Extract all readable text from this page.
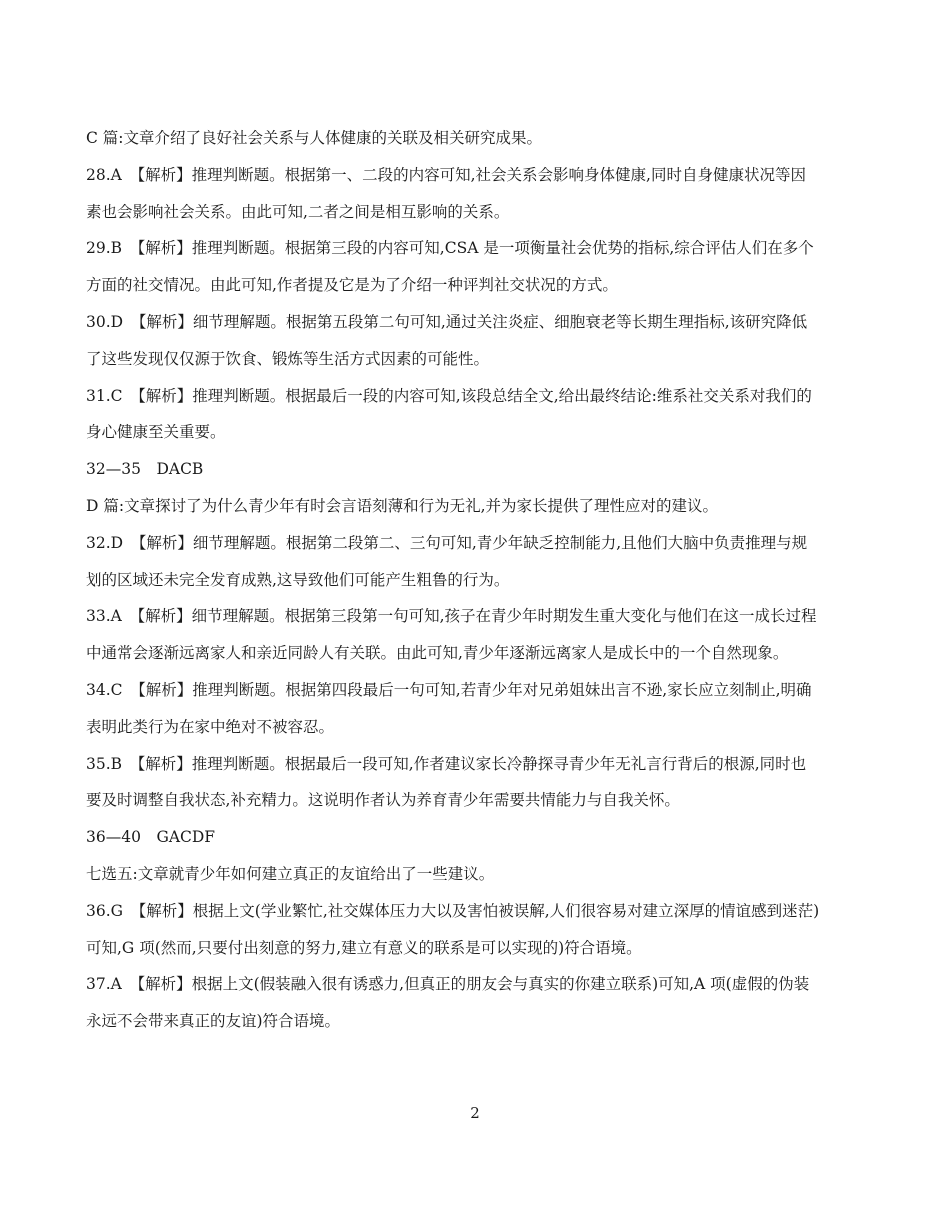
C 篇:文章介绍了良好社会关系与人体健康的关联及相关研究成果。
28.A　【解析】推理判断题。根据第一、二段的内容可知,社会关系会影响身体健康,同时自身健康状况等因
素也会影响社会关系。由此可知,二者之间是相互影响的关系。
29.B　【解析】推理判断题。根据第三段的内容可知,CSA 是一项衡量社会优势的指标,综合评估人们在多个
方面的社交情况。由此可知,作者提及它是为了介绍一种评判社交状况的方式。
30.D　【解析】细节理解题。根据第五段第二句可知,通过关注炎症、细胞衰老等长期生理指标,该研究降低
了这些发现仅仅源于饮食、锻炼等生活方式因素的可能性。
31.C　【解析】推理判断题。根据最后一段的内容可知,该段总结全文,给出最终结论:维系社交关系对我们的
身心健康至关重要。
32—35　DACB
D 篇:文章探讨了为什么青少年有时会言语刻薄和行为无礼,并为家长提供了理性应对的建议。
32.D　【解析】细节理解题。根据第二段第二、三句可知,青少年缺乏控制能力,且他们大脑中负责推理与规
划的区域还未完全发育成熟,这导致他们可能产生粗鲁的行为。
33.A　【解析】细节理解题。根据第三段第一句可知,孩子在青少年时期发生重大变化与他们在这一成长过程
中通常会逐渐远离家人和亲近同龄人有关联。由此可知,青少年逐渐远离家人是成长中的一个自然现象。
34.C　【解析】推理判断题。根据第四段最后一句可知,若青少年对兄弟姐妹出言不逊,家长应立刻制止,明确
表明此类行为在家中绝对不被容忍。
35.B　【解析】推理判断题。根据最后一段可知,作者建议家长冷静探寻青少年无礼言行背后的根源,同时也
要及时调整自我状态,补充精力。这说明作者认为养育青少年需要共情能力与自我关怀。
36—40　GACDF
七选五:文章就青少年如何建立真正的友谊给出了一些建议。
36.G　【解析】根据上文(学业繁忙,社交媒体压力大以及害怕被误解,人们很容易对建立深厚的情谊感到迷茫)
可知,G 项(然而,只要付出刻意的努力,建立有意义的联系是可以实现的)符合语境。
37.A　【解析】根据上文(假装融入很有诱惑力,但真正的朋友会与真实的你建立联系)可知,A 项(虚假的伪装
永远不会带来真正的友谊)符合语境。
2
